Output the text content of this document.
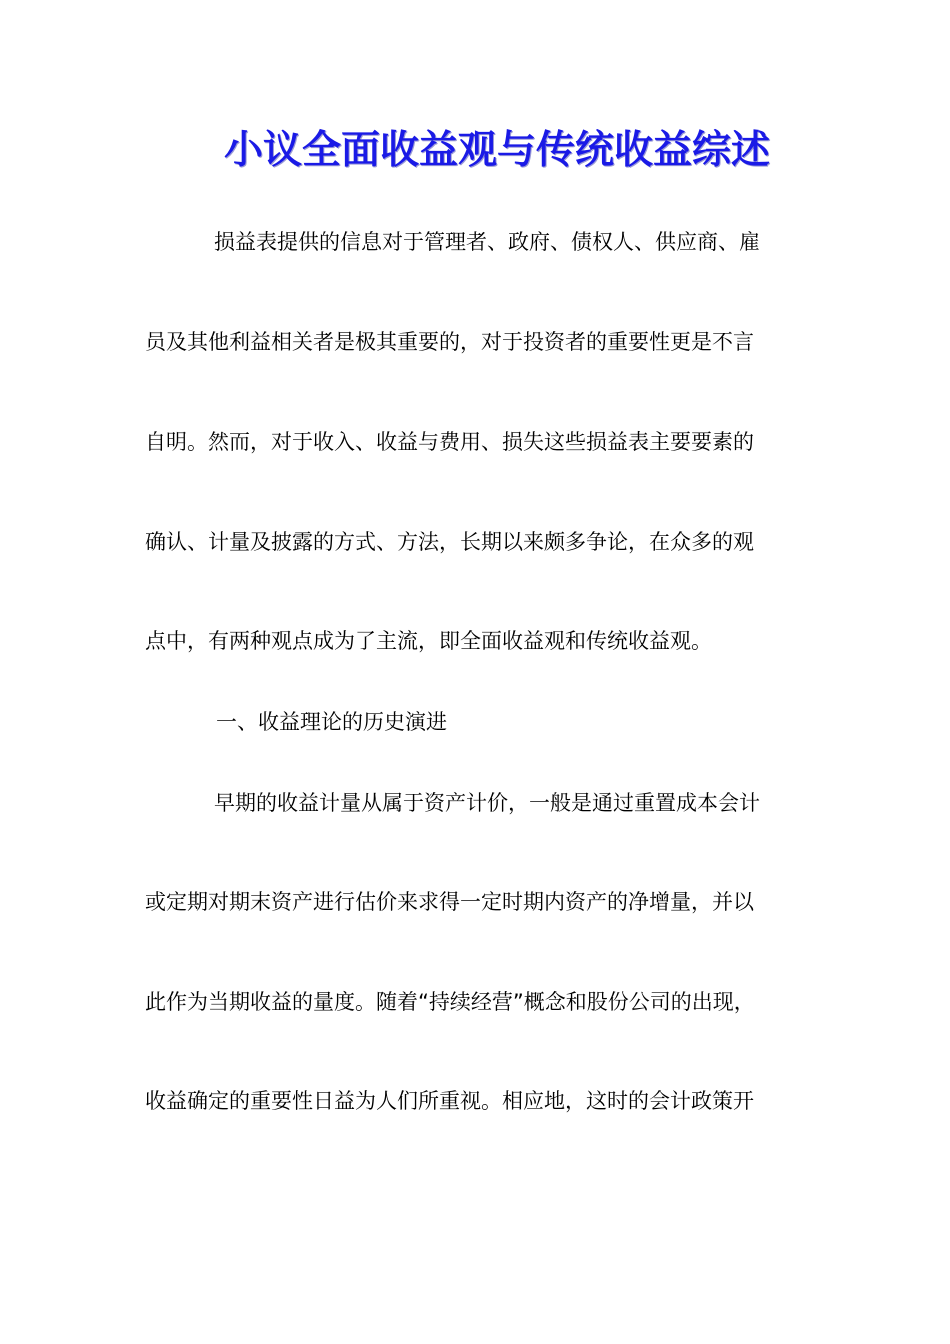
小议全面收益观与传统收益综述
损益表提供的信息对于管理者、政府、债权人、供应商、雇
员及其他利益相关者是极其重要的，对于投资者的重要性更是不言
自明。然而，对于收入、收益与费用、损失这些损益表主要要素的
确认、计量及披露的方式、方法，长期以来颇多争论，在众多的观
点中，有两种观点成为了主流，即全面收益观和传统收益观。
一、收益理论的历史演进
早期的收益计量从属于资产计价，一般是通过重置成本会计
或定期对期末资产进行估价来求得一定时期内资产的净增量，并以
此作为当期收益的量度。随着“持续经营”概念和股份公司的出现，
收益确定的重要性日益为人们所重视。相应地，这时的会计政策开
